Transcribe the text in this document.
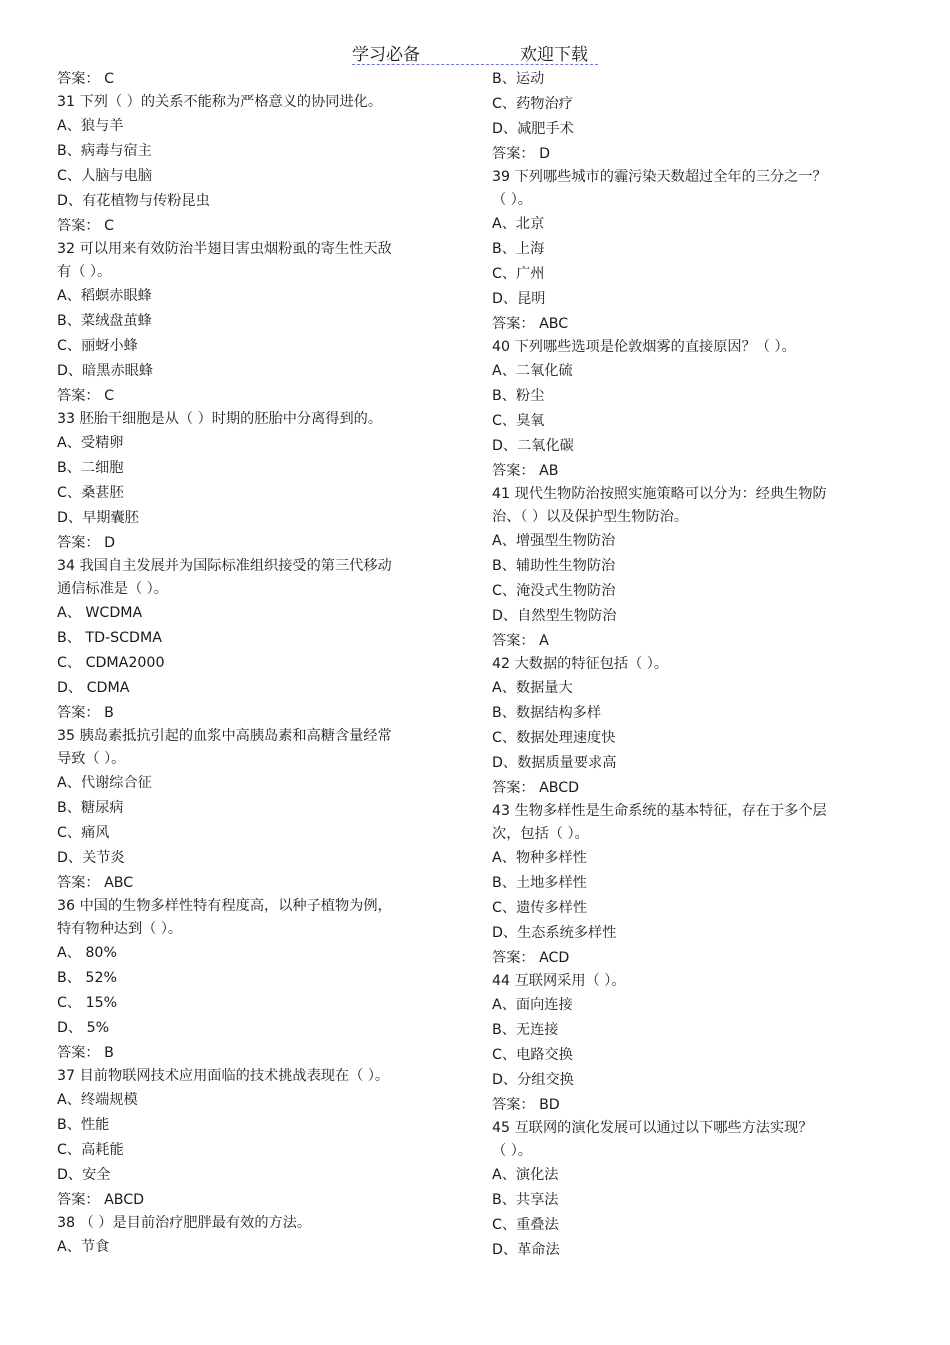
学习必备	欢迎下载
答案： C
31 下列（ ）的关系不能称为严格意义的协同进化。
A、狼与羊
B、病毒与宿主
C、人脑与电脑
D、有花植物与传粉昆虫
答案： C
32 可以用来有效防治半翅目害虫烟粉虱的寄生性天敌
有（ ）。
A、稻螟赤眼蜂
B、菜绒盘茧蜂
C、丽蚜小蜂
D、暗黑赤眼蜂
答案： C
33 胚胎干细胞是从（ ）时期的胚胎中分离得到的。
A、受精卵
B、二细胞
C、桑葚胚
D、早期囊胚
答案： D
34 我国自主发展并为国际标准组织接受的第三代移动
通信标准是（ ）。
A、 WCDMA
B、 TD-SCDMA
C、 CDMA2000
D、 CDMA
答案： B
35 胰岛素抵抗引起的血浆中高胰岛素和高糖含量经常
导致（ ）。
A、代谢综合征
B、糖尿病
C、痛风
D、关节炎
答案： ABC
36 中国的生物多样性特有程度高，以种子植物为例，
特有物种达到（ ）。
A、 80%
B、 52%
C、 15%
D、 5%
答案： B
37 目前物联网技术应用面临的技术挑战表现在（ ）。
A、终端规模
B、性能
C、高耗能
D、安全
答案： ABCD
38 （ ）是目前治疗肥胖最有效的方法。
A、节食
B、运动
C、药物治疗
D、减肥手术
答案： D
39 下列哪些城市的霾污染天数超过全年的三分之一？
（ ）。
A、北京
B、上海
C、广州
D、昆明
答案： ABC
40 下列哪些选项是伦敦烟雾的直接原因？（ ）。
A、二氧化硫
B、粉尘
C、臭氧
D、二氧化碳
答案： AB
41 现代生物防治按照实施策略可以分为：经典生物防
治、（ ）以及保护型生物防治。
A、增强型生物防治
B、辅助性生物防治
C、淹没式生物防治
D、自然型生物防治
答案： A
42 大数据的特征包括（ ）。
A、数据量大
B、数据结构多样
C、数据处理速度快
D、数据质量要求高
答案： ABCD
43 生物多样性是生命系统的基本特征，存在于多个层
次，包括（ ）。
A、物种多样性
B、土地多样性
C、遗传多样性
D、生态系统多样性
答案： ACD
44 互联网采用（ ）。
A、面向连接
B、无连接
C、电路交换
D、分组交换
答案： BD
45 互联网的演化发展可以通过以下哪些方法实现？
（ ）。
A、演化法
B、共享法
C、重叠法
D、革命法
